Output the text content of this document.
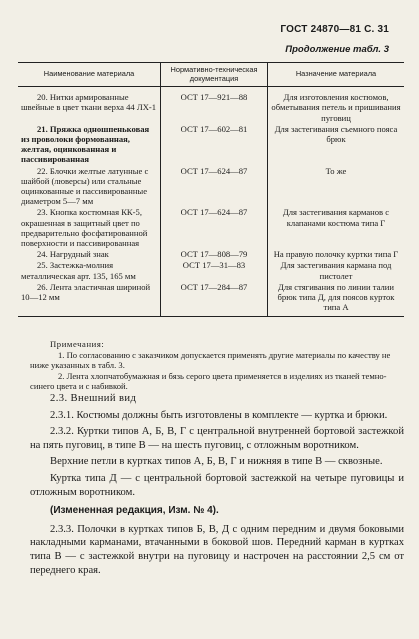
ГОСТ 24870—81 С. 31
Продолжение табл. 3
Наименование материала	Нормативно-техническая документация	Назначение материала
20. Нитки армированные швейные в цвет ткани верха 44 ЛХ-1	ОСТ 17—921—88	Для изготовления костюмов, обметывания петель и пришивания пуговиц
21. Пряжка одношпеньковая из проволоки формованная, желтая, оцинкованная и пассивированная	ОСТ 17—602—81	Для застегивания съемного пояса брюк
22. Блочки желтые латунные с шайбой (люверсы) или стальные оцинкованные и пассивированные диаметром 5—7 мм	ОСТ 17—624—87	То же
23. Кнопка костюмная КК-5, окрашенная в защитный цвет по предварительно фосфатированной поверхности и пассивированная	ОСТ 17—624—87	Для застегивания карманов с клапанами костюма типа Г
24. Нагрудный знак	ОСТ 17—808—79	На правую полочку куртки типа Г
25. Застежка-молния металлическая арт. 135, 165 мм	ОСТ 17—31—83	Для застегивания кармана под пистолет
26. Лента эластичная шириной 10—12 мм	ОСТ 17—284—87	Для стягивания по линии талии брюк типа Д, для поясов курток типа А
Примечания:

1. По согласованию с заказчиком допускается применять другие материалы по качеству не ниже указанных в табл. 3.

2. Лента хлопчатобумажная и бязь серого цвета применяется в изделиях из тканей темно-синего цвета и с набивкой.

2.3. Внешний вид

2.3.1. Костюмы должны быть изготовлены в комплекте — куртка и брюки.

2.3.2. Куртки типов А, Б, В, Г с центральной внутренней бортовой застежкой на пять пуговиц, в типе В — на шесть пуговиц, с отложным воротником.

Верхние петли в куртках типов А, Б, В, Г и нижняя в типе В — сквозные.

Куртка типа Д — с центральной бортовой застежкой на четыре пуговицы и отложным воротником.

(Измененная редакция, Изм. № 4).

2.3.3. Полочки в куртках типов Б, В, Д с одним передним и двумя боковыми накладными карманами, втачанными в боковой шов. Передний карман в куртках типа В — с застежкой внутри на пуговицу и настрочен на расстоянии 2,5 см от переднего края.
